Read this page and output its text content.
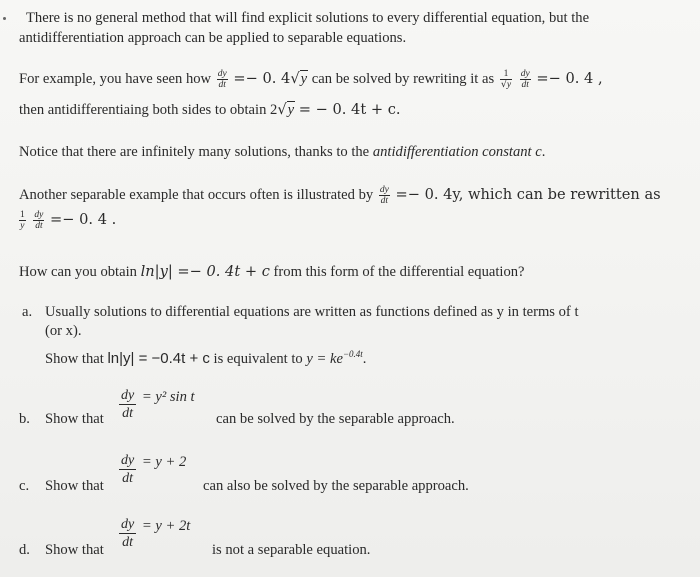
There is no general method that will find explicit solutions to every differential equation, but the
antidifferentiation approach can be applied to separable equations.
For example, you have seen how $\frac{dy}{dt} =- 0$. 4√y can be solved by rewriting it as $\frac{1}{√y}$
$\frac{dy}{dt} =- 0$. 4 ,
then antidifferentiaing both sides to obtain 2√y = − 0. 4t + c.
Notice that there are infinitely many solutions, thanks to the antidifferentiation constant c.
Another separable example that occurs often is illustrated by $\frac{dy}{dt} =- 0$. 4y, which can be rewritten as
$\frac{1}{y}$
$\frac{dy}{dt} =- 0$. 4 .
How can you obtain ln|y| =− 0. 4t + c from this form of the differential equation?
a. Usually solutions to differential equations are written as functions defined as y in terms of t
(or x).
Show that ln|y| = −0.4t + c is equivalent to $y = ke^{-0.4t}$.
b. Show that $\frac{dy}{dt} = y^2$ sin t
can be solved by the separable approach.
c. Show that $\frac{dy}{dt} = y + 2$
can also be solved by the separable approach.
d. Show that $\frac{dy}{dt} = y + 2t$
is not a separable equation.
